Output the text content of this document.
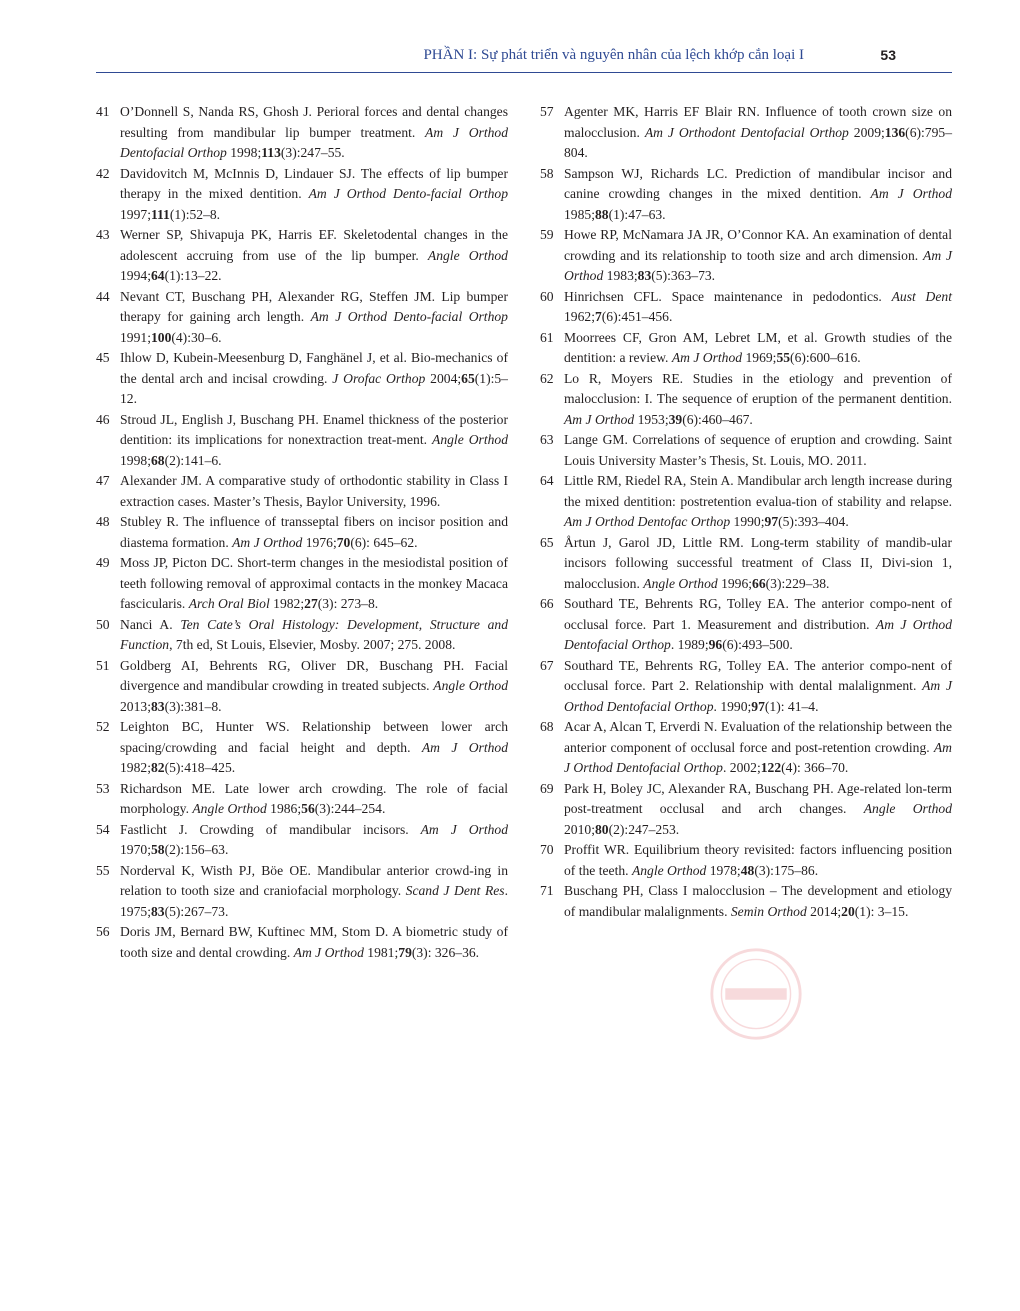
PHẦN I: Sự phát triển và nguyên nhân của lệch khớp cắn loại I	53
41 O’Donnell S, Nanda RS, Ghosh J. Perioral forces and dental changes resulting from mandibular lip bumper treatment. Am J Orthod Dentofacial Orthop 1998;113(3):247–55.
42 Davidovitch M, McInnis D, Lindauer SJ. The effects of lip bumper therapy in the mixed dentition. Am J Orthod Dento-facial Orthop 1997;111(1):52–8.
43 Werner SP, Shivapuja PK, Harris EF. Skeletodental changes in the adolescent accruing from use of the lip bumper. Angle Orthod 1994;64(1):13–22.
44 Nevant CT, Buschang PH, Alexander RG, Steffen JM. Lip bumper therapy for gaining arch length. Am J Orthod Dento-facial Orthop 1991;100(4):30–6.
45 Ihlow D, Kubein-Meesenburg D, Fanghänel J, et al. Bio-mechanics of the dental arch and incisal crowding. J Orofac Orthop 2004;65(1):5–12.
46 Stroud JL, English J, Buschang PH. Enamel thickness of the posterior dentition: its implications for nonextraction treat-ment. Angle Orthod 1998;68(2):141–6.
47 Alexander JM. A comparative study of orthodontic stability in Class I extraction cases. Master’s Thesis, Baylor University, 1996.
48 Stubley R. The influence of transseptal fibers on incisor position and diastema formation. Am J Orthod 1976;70(6): 645–62.
49 Moss JP, Picton DC. Short-term changes in the mesiodistal position of teeth following removal of approximal contacts in the monkey Macaca fascicularis. Arch Oral Biol 1982;27(3): 273–8.
50 Nanci A. Ten Cate’s Oral Histology: Development, Structure and Function, 7th ed, St Louis, Elsevier, Mosby. 2007; 275. 2008.
51 Goldberg AI, Behrents RG, Oliver DR, Buschang PH. Facial divergence and mandibular crowding in treated subjects. Angle Orthod 2013;83(3):381–8.
52 Leighton BC, Hunter WS. Relationship between lower arch spacing/crowding and facial height and depth. Am J Orthod 1982;82(5):418–425.
53 Richardson ME. Late lower arch crowding. The role of facial morphology. Angle Orthod 1986;56(3):244–254.
54 Fastlicht J. Crowding of mandibular incisors. Am J Orthod 1970;58(2):156–63.
55 Norderval K, Wisth PJ, Böe OE. Mandibular anterior crowd-ing in relation to tooth size and craniofacial morphology. Scand J Dent Res. 1975;83(5):267–73.
56 Doris JM, Bernard BW, Kuftinec MM, Stom D. A biometric study of tooth size and dental crowding. Am J Orthod 1981;79(3): 326–36.
57 Agenter MK, Harris EF Blair RN. Influence of tooth crown size on malocclusion. Am J Orthodont Dentofacial Orthop 2009;136(6):795–804.
58 Sampson WJ, Richards LC. Prediction of mandibular incisor and canine crowding changes in the mixed dentition. Am J Orthod 1985;88(1):47–63.
59 Howe RP, McNamara JA JR, O’Connor KA. An examination of dental crowding and its relationship to tooth size and arch dimension. Am J Orthod 1983;83(5):363–73.
60 Hinrichsen CFL. Space maintenance in pedodontics. Aust Dent 1962;7(6):451–456.
61 Moorrees CF, Gron AM, Lebret LM, et al. Growth studies of the dentition: a review. Am J Orthod 1969;55(6):600–616.
62 Lo R, Moyers RE. Studies in the etiology and prevention of malocclusion: I. The sequence of eruption of the permanent dentition. Am J Orthod 1953;39(6):460–467.
63 Lange GM. Correlations of sequence of eruption and crowding. Saint Louis University Master’s Thesis, St. Louis, MO. 2011.
64 Little RM, Riedel RA, Stein A. Mandibular arch length increase during the mixed dentition: postretention evalua-tion of stability and relapse. Am J Orthod Dentofac Orthop 1990;97(5):393–404.
65 Årtun J, Garol JD, Little RM. Long-term stability of mandib-ular incisors following successful treatment of Class II, Divi-sion 1, malocclusion. Angle Orthod 1996;66(3):229–38.
66 Southard TE, Behrents RG, Tolley EA. The anterior compo-nent of occlusal force. Part 1. Measurement and distribution. Am J Orthod Dentofacial Orthop. 1989;96(6):493–500.
67 Southard TE, Behrents RG, Tolley EA. The anterior compo-nent of occlusal force. Part 2. Relationship with dental malalignment. Am J Orthod Dentofacial Orthop. 1990;97(1): 41–4.
68 Acar A, Alcan T, Erverdi N. Evaluation of the relationship between the anterior component of occlusal force and post-retention crowding. Am J Orthod Dentofacial Orthop. 2002;122(4): 366–70.
69 Park H, Boley JC, Alexander RA, Buschang PH. Age-related lon-term post-treatment occlusal and arch changes. Angle Orthod 2010;80(2):247–253.
70 Proffit WR. Equilibrium theory revisited: factors influencing position of the teeth. Angle Orthod 1978;48(3):175–86.
71 Buschang PH, Class I malocclusion – The development and etiology of mandibular malalignments. Semin Orthod 2014;20(1): 3–15.
